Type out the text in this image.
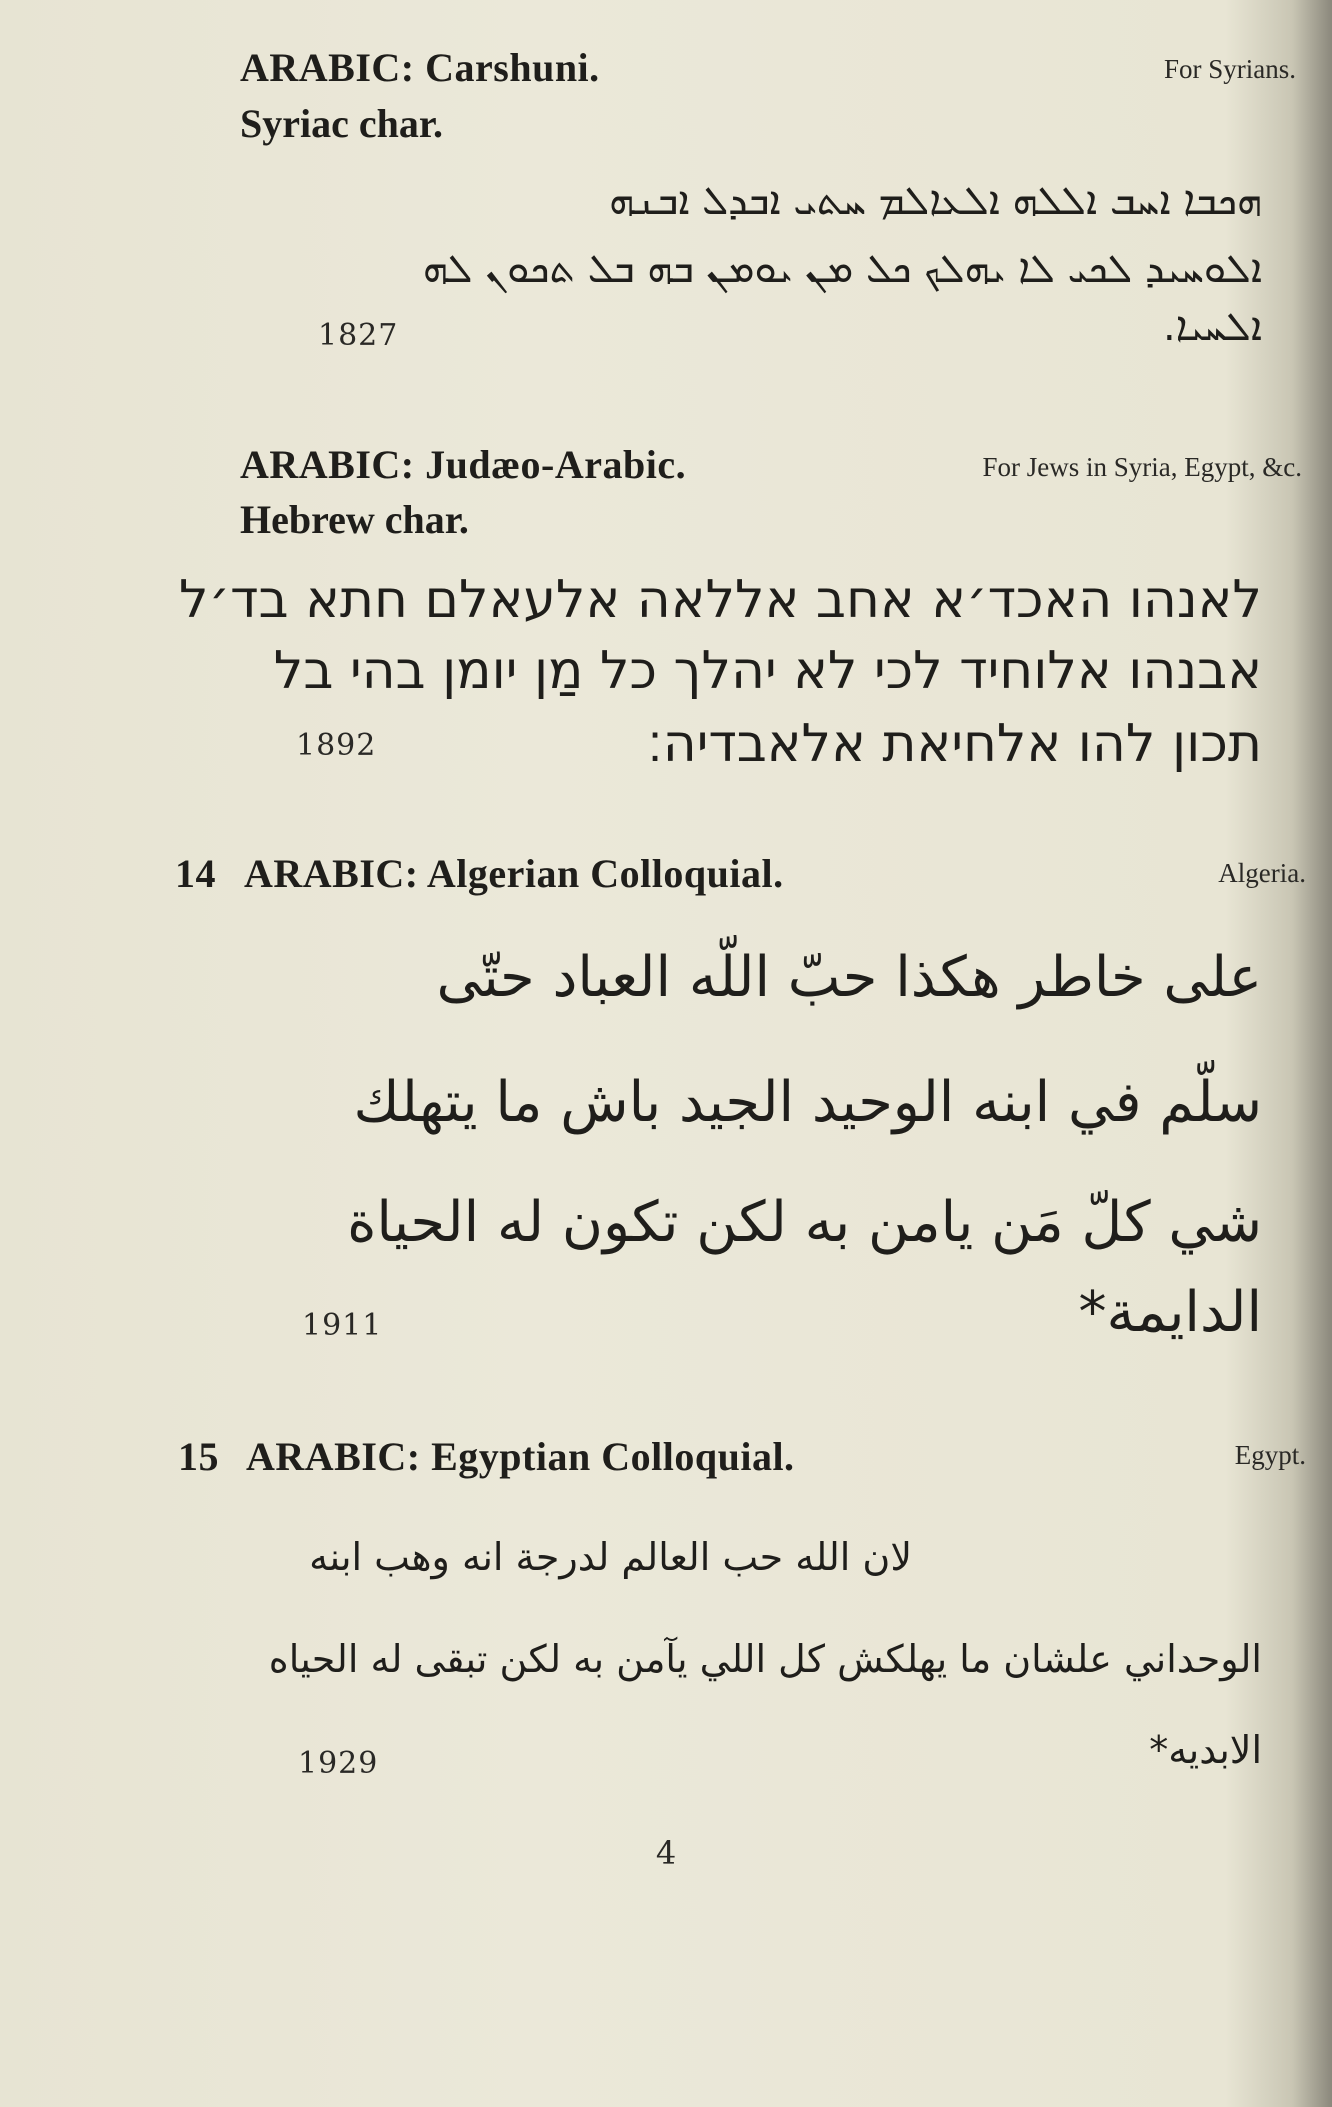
ARABIC: Carshuni.
Syriac char.
For Syrians.
ܗܟܒܐ ܐܚܒ ܐܠܠܗ ܐܠܥܐܠܡ ܚܬܝ ܐܒܕܠ ܐܒܢܗ
ܐܠܘܚܝܕ ܠܟܝ ܠܐ ܝܗܠܟ ܟܠ ܡܢ ܝܘܡܢ ܒܗ ܒܠ ܬܟܘܢ ܠܗ
ܐܠܚܝܐ.
1827
ARABIC: Judæo-Arabic.
Hebrew char.
For Jews in Syria, Egypt, &c.
לאנהו האכד׳א אחב אללאה אלעאלם חתא בד׳ל
אבנהו אלוחיד לכי לא יהלך כל מַן יומן בהי בל
תכון להו אלחיאת אלאבדיה׃
1892
14 ARABIC: Algerian Colloquial.	Algeria.
على خاطر هكذا حبّ اللّه العباد حتّى
سلّم في ابنه الوحيد الجيد باش ما يتهلك
شي كلّ مَن يامن به لكن تكون له الحياة
الدايمة*
1911
15 ARABIC: Egyptian Colloquial.	Egypt.
لان الله حب العالم لدرجة انه وهب ابنه
الوحداني علشان ما يهلكش كل اللي يآمن به لكن تبقى له الحياه
الابديه*
1929
4
